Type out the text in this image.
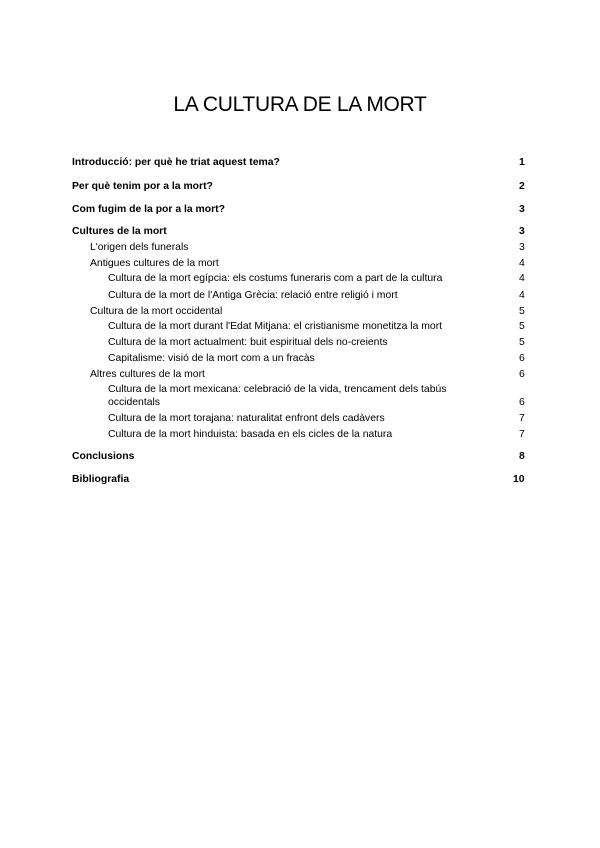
LA CULTURA DE LA MORT
Introducció: per què he triat aquest tema?	1
Per què tenim por a la mort?	2
Com fugim de la por a la mort?	3
Cultures de la mort	3
L'origen dels funerals	3
Antigues cultures de la mort	4
Cultura de la mort egípcia: els costums funeraris com a part de la cultura	4
Cultura de la mort de l'Antiga Grècia: relació entre religió i mort	4
Cultura de la mort occidental	5
Cultura de la mort durant l'Edat Mitjana: el cristianisme monetitza la mort	5
Cultura de la mort actualment: buit espiritual dels no-creients	5
Capitalisme: visió de la mort com a un fracàs	6
Altres cultures de la mort	6
Cultura de la mort mexicana: celebració de la vida, trencament dels tabús occidentals	6
Cultura de la mort torajana: naturalitat enfront dels cadàvers	7
Cultura de la mort hinduista: basada en els cicles de la natura	7
Conclusions	8
Bibliografia	10
